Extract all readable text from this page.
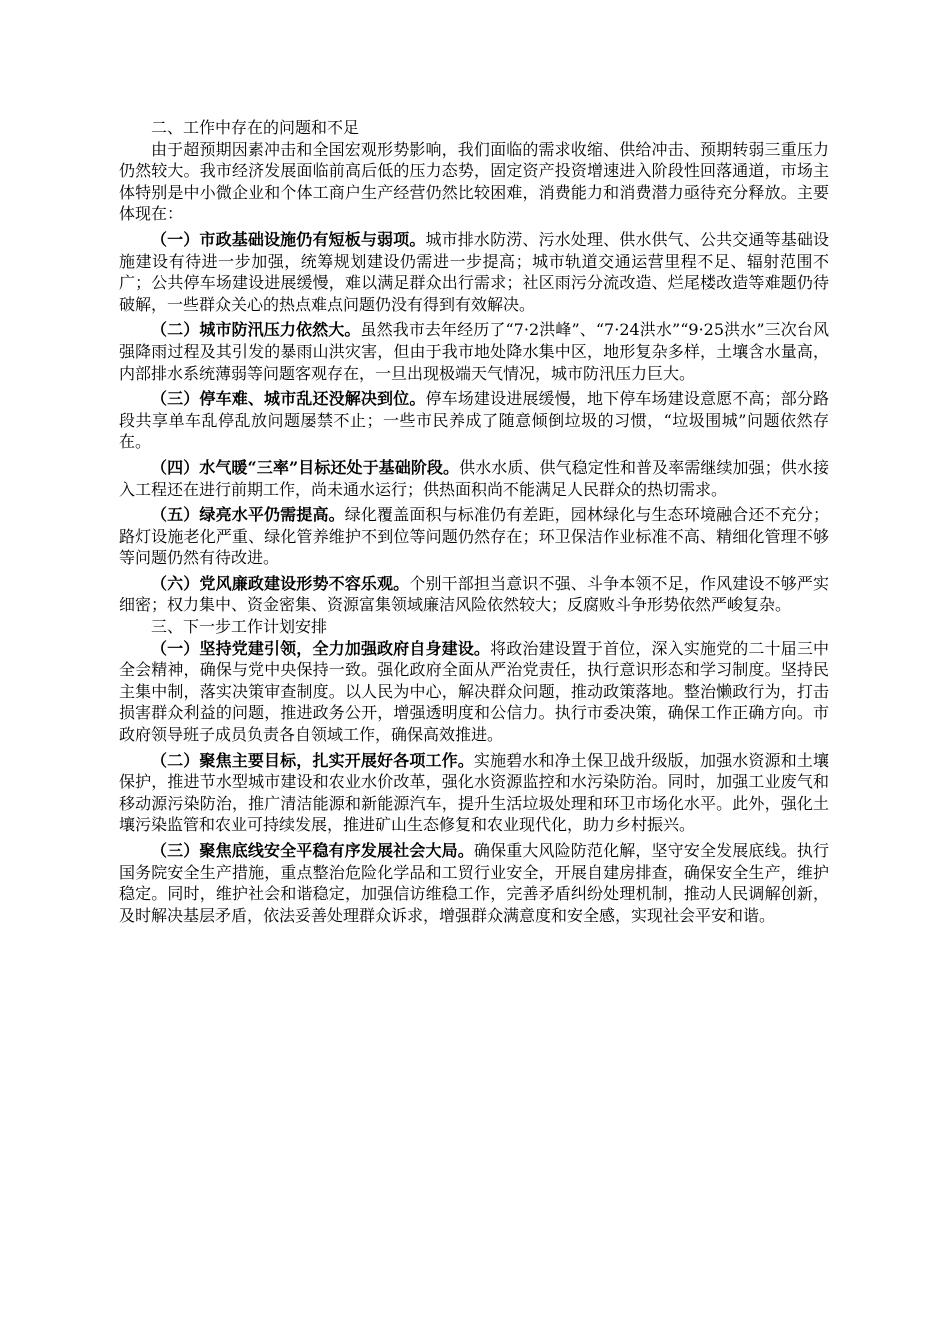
二、工作中存在的问题和不足

由于超预期因素冲击和全国宏观形势影响，我们面临的需求收缩、供给冲击、预期转弱三重压力仍然较大。我市经济发展面临前高后低的压力态势，固定资产投资增速进入阶段性回落通道，市场主体特别是中小微企业和个体工商户生产经营仍然比较困难，消费能力和消费潜力亟待充分释放。主要体现在：

（一）市政基础设施仍有短板与弱项。城市排水防涝、污水处理、供水供气、公共交通等基础设施建设有待进一步加强，统筹规划建设仍需进一步提高；城市轨道交通运营里程不足、辐射范围不广；公共停车场建设进展缓慢，难以满足群众出行需求；社区雨污分流改造、烂尾楼改造等难题仍待破解，一些群众关心的热点难点问题仍没有得到有效解决。

（二）城市防汛压力依然大。虽然我市去年经历了“7·2洪峰”、“7·24洪水”“9·25洪水”三次台风强降雨过程及其引发的暴雨山洪灾害，但由于我市地处降水集中区，地形复杂多样，土壤含水量高，内部排水系统薄弱等问题客观存在，一旦出现极端天气情况，城市防汛压力巨大。

（三）停车难、城市乱还没解决到位。停车场建设进展缓慢，地下停车场建设意愿不高；部分路段共享单车乱停乱放问题屡禁不止；一些市民养成了随意倾倒垃圾的习惯，“垃圾围城”问题依然存在。

（四）水气暖“三率”目标还处于基础阶段。供水水质、供气稳定性和普及率需继续加强；供水接入工程还在进行前期工作，尚未通水运行；供热面积尚不能满足人民群众的热切需求。

（五）绿亮水平仍需提高。绿化覆盖面积与标准仍有差距，园林绿化与生态环境融合还不充分；路灯设施老化严重、绿化管养维护不到位等问题仍然存在；环卫保洁作业标准不高、精细化管理不够等问题仍然有待改进。

（六）党风廉政建设形势不容乐观。个别干部担当意识不强、斗争本领不足，作风建设不够严实细密；权力集中、资金密集、资源富集领域廉洁风险依然较大；反腐败斗争形势依然严峻复杂。

三、下一步工作计划安排

（一）坚持党建引领，全力加强政府自身建设。将政治建设置于首位，深入实施党的二十届三中全会精神，确保与党中央保持一致。强化政府全面从严治党责任，执行意识形态和学习制度。坚持民主集中制，落实决策审查制度。以人民为中心，解决群众问题，推动政策落地。整治懒政行为，打击损害群众利益的问题，推进政务公开，增强透明度和公信力。执行市委决策，确保工作正确方向。市政府领导班子成员负责各自领域工作，确保高效推进。

（二）聚焦主要目标，扎实开展好各项工作。实施碧水和净土保卫战升级版，加强水资源和土壤保护，推进节水型城市建设和农业水价改革，强化水资源监控和水污染防治。同时，加强工业废气和移动源污染防治，推广清洁能源和新能源汽车，提升生活垃圾处理和环卫市场化水平。此外，强化土壤污染监管和农业可持续发展，推进矿山生态修复和农业现代化，助力乡村振兴。

（三）聚焦底线安全平稳有序发展社会大局。确保重大风险防范化解，坚守安全发展底线。执行国务院安全生产措施，重点整治危险化学品和工贸行业安全，开展自建房排查，确保安全生产，维护稳定。同时，维护社会和谐稳定，加强信访维稳工作，完善矛盾纠纷处理机制，推动人民调解创新，及时解决基层矛盾，依法妥善处理群众诉求，增强群众满意度和安全感，实现社会平安和谐。
